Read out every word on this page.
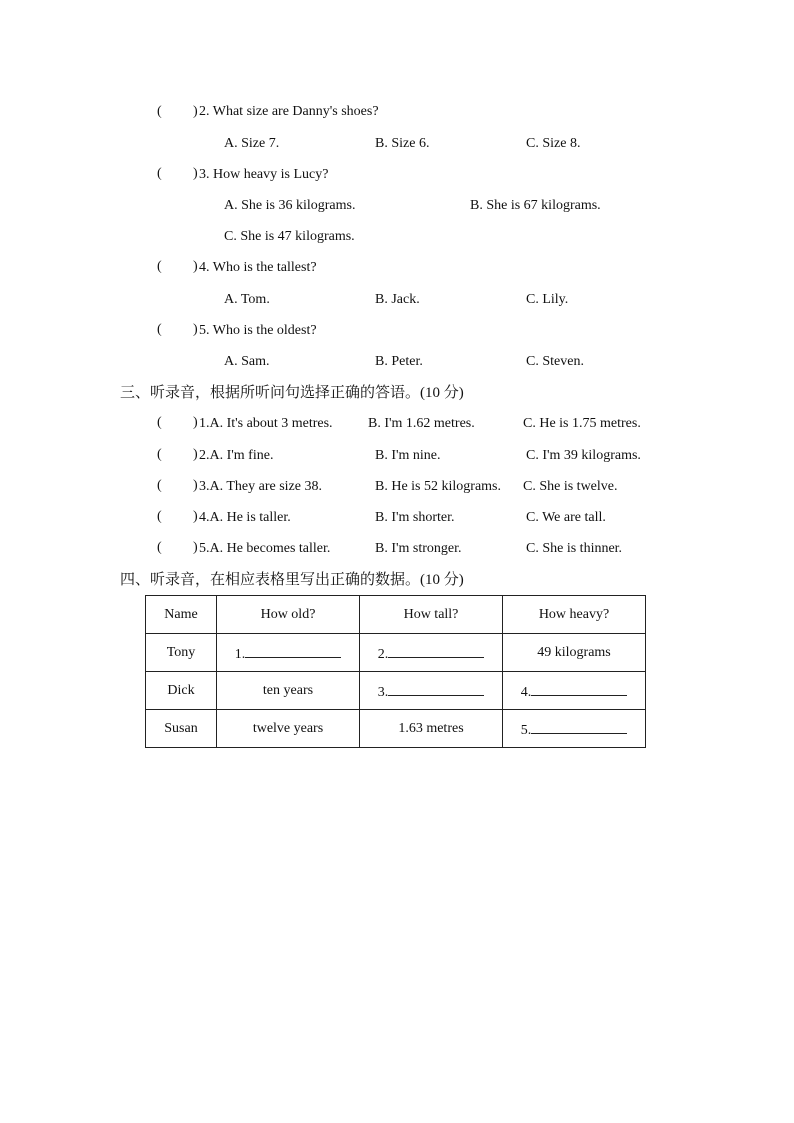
( ) 2. What size are Danny's shoes?
A. Size 7.	B. Size 6.	C. Size 8.
( ) 3. How heavy is Lucy?
A. She is 36 kilograms.	B. She is 67 kilograms.
C. She is 47 kilograms.
( ) 4. Who is the tallest?
A. Tom.	B. Jack.	C. Lily.
( ) 5. Who is the oldest?
A. Sam.	B. Peter.	C. Steven.
三、听录音，根据所听问句选择正确的答语。(10 分)
( ) 1.A. It's about 3 metres.	B. I'm 1.62 metres.	C. He is 1.75 metres.
( ) 2.A. I'm fine.	B. I'm nine.	C. I'm 39 kilograms.
( ) 3.A. They are size 38.	B. He is 52 kilograms. C. She is twelve.
( ) 4.A. He is taller.	B. I'm shorter.	C. We are tall.
( ) 5.A. He becomes taller.	B. I'm stronger.	C. She is thinner.
四、听录音，在相应表格里写出正确的数据。(10 分)
Name	How old?	How tall?	How heavy?
Tony	1.	2.	49 kilograms
Dick	ten years	3.	4.
Susan	twelve years	1.63 metres	5.
